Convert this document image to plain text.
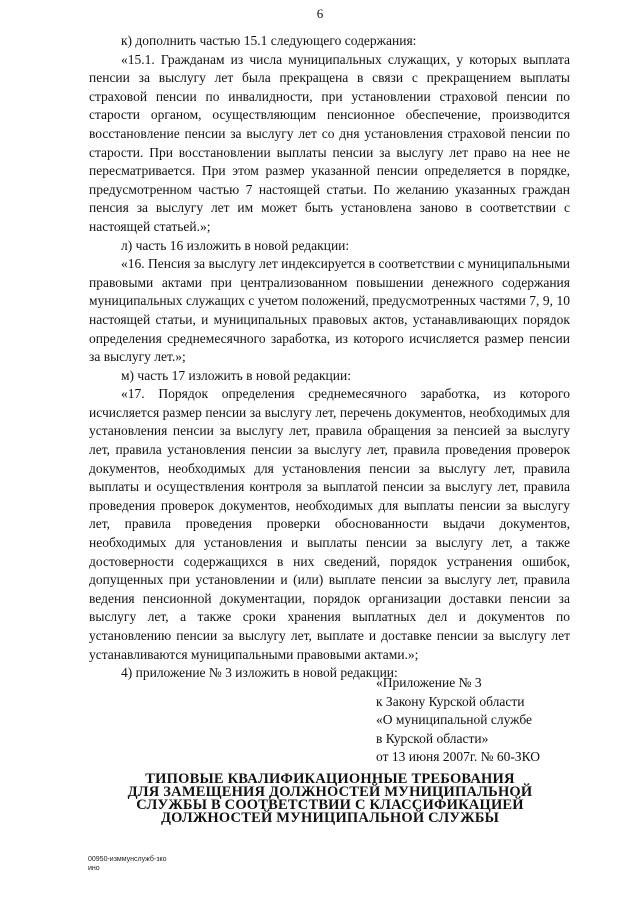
6

к) дополнить частью 15.1 следующего содержания:

«15.1. Гражданам из числа муниципальных служащих, у которых выплата пенсии за выслугу лет была прекращена в связи с прекращением выплаты страховой пенсии по инвалидности, при установлении страховой пенсии по старости органом, осуществляющим пенсионное обеспечение, производится восстановление пенсии за выслугу лет со дня установления страховой пенсии по старости. При восстановлении выплаты пенсии за выслугу лет право на нее не пересматривается. При этом размер указанной пенсии определяется в порядке, предусмотренном частью 7 настоящей статьи. По желанию указанных граждан пенсия за выслугу лет им может быть установлена заново в соответствии с настоящей статьей.»;

л) часть 16 изложить в новой редакции:

«16. Пенсия за выслугу лет индексируется в соответствии с муниципальными правовыми актами при централизованном повышении денежного содержания муниципальных служащих с учетом положений, предусмотренных частями 7, 9, 10 настоящей статьи, и муниципальных правовых актов, устанавливающих порядок определения среднемесячного заработка, из которого исчисляется размер пенсии за выслугу лет.»;

м) часть 17 изложить в новой редакции:

«17. Порядок определения среднемесячного заработка, из которого исчисляется размер пенсии за выслугу лет, перечень документов, необходимых для установления пенсии за выслугу лет, правила обращения за пенсией за выслугу лет, правила установления пенсии за выслугу лет, правила проведения проверок документов, необходимых для установления пенсии за выслугу лет, правила выплаты и осуществления контроля за выплатой пенсии за выслугу лет, правила проведения проверок документов, необходимых для выплаты пенсии за выслугу лет, правила проведения проверки обоснованности выдачи документов, необходимых для установления и выплаты пенсии за выслугу лет, а также достоверности содержащихся в них сведений, порядок устранения ошибок, допущенных при установлении и (или) выплате пенсии за выслугу лет, правила ведения пенсионной документации, порядок организации доставки пенсии за выслугу лет, а также сроки хранения выплатных дел и документов по установлению пенсии за выслугу лет, выплате и доставке пенсии за выслугу лет устанавливаются муниципальными правовыми актами.»;

4) приложение № 3 изложить в новой редакции:

«Приложение № 3
к Закону Курской области
«О муниципальной службе
в Курской области»
от 13 июня 2007г. № 60-ЗКО
ТИПОВЫЕ КВАЛИФИКАЦИОННЫЕ ТРЕБОВАНИЯ
ДЛЯ ЗАМЕЩЕНИЯ ДОЛЖНОСТЕЙ МУНИЦИПАЛЬНОЙ
СЛУЖБЫ В СООТВЕТСТВИИ С КЛАССИФИКАЦИЕЙ
ДОЛЖНОСТЕЙ МУНИЦИПАЛЬНОЙ СЛУЖБЫ
00950-изммунслужб-зко
ино
